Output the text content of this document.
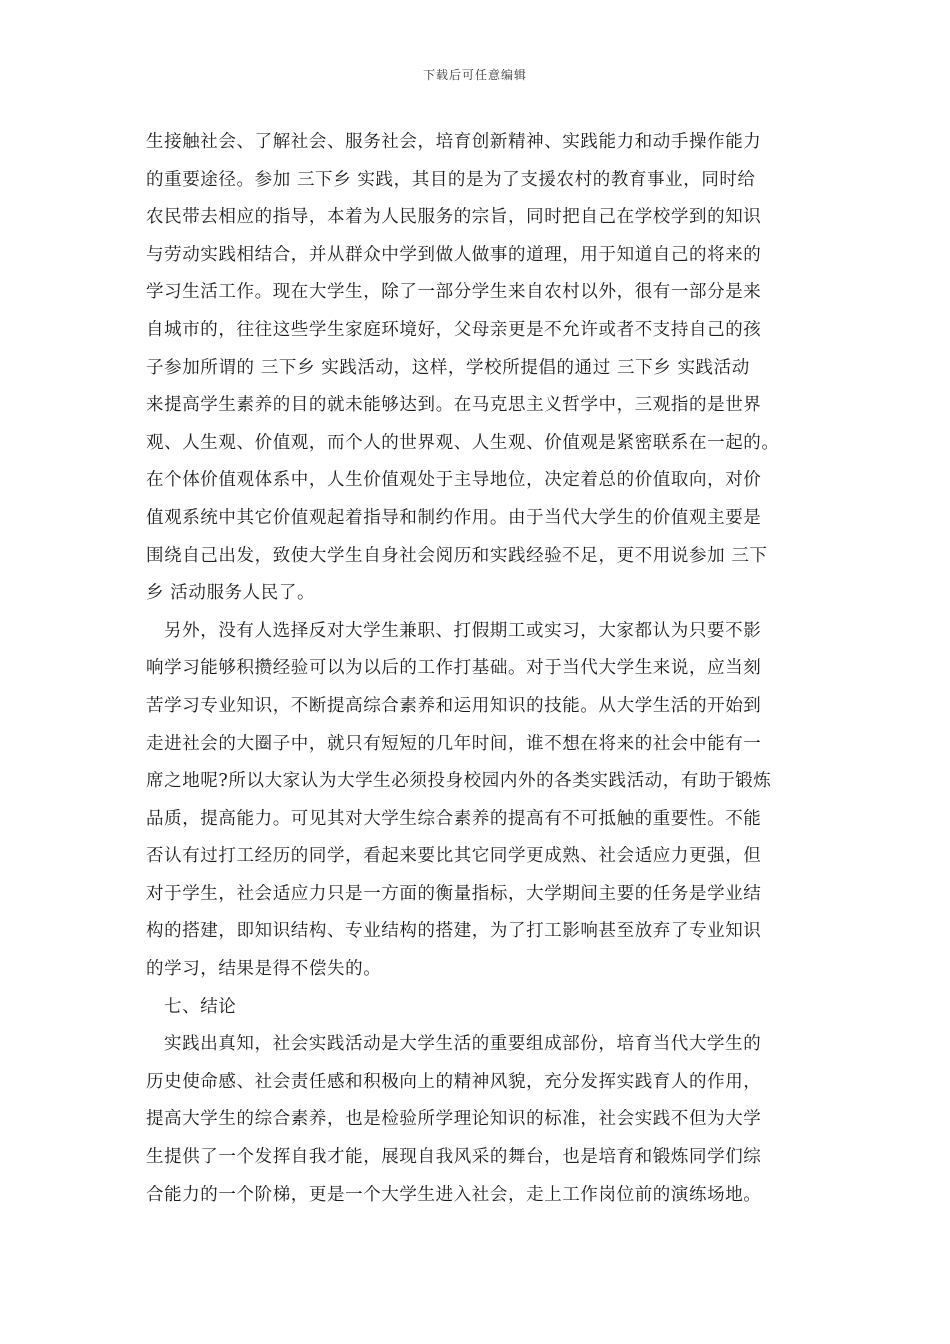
下载后可任意编辑
生接触社会、了解社会、服务社会，培育创新精神、实践能力和动手操作能力
的重要途径。参加 三下乡 实践，其目的是为了支援农村的教育事业，同时给
农民带去相应的指导，本着为人民服务的宗旨，同时把自己在学校学到的知识
与劳动实践相结合，并从群众中学到做人做事的道理，用于知道自己的将来的
学习生活工作。现在大学生，除了一部分学生来自农村以外，很有一部分是来
自城市的，往往这些学生家庭环境好，父母亲更是不允许或者不支持自己的孩
子参加所谓的 三下乡 实践活动，这样，学校所提倡的通过 三下乡 实践活动
来提高学生素养的目的就未能够达到。在马克思主义哲学中，三观指的是世界
观、人生观、价值观，而个人的世界观、人生观、价值观是紧密联系在一起的。
在个体价值观体系中，人生价值观处于主导地位，决定着总的价值取向，对价
值观系统中其它价值观起着指导和制约作用。由于当代大学生的价值观主要是
围绕自己出发，致使大学生自身社会阅历和实践经验不足，更不用说参加 三下
乡 活动服务人民了。
另外，没有人选择反对大学生兼职、打假期工或实习，大家都认为只要不影
响学习能够积攒经验可以为以后的工作打基础。对于当代大学生来说，应当刻
苦学习专业知识，不断提高综合素养和运用知识的技能。从大学生活的开始到
走进社会的大圈子中，就只有短短的几年时间，谁不想在将来的社会中能有一
席之地呢?所以大家认为大学生必须投身校园内外的各类实践活动，有助于锻炼
品质，提高能力。可见其对大学生综合素养的提高有不可抵触的重要性。不能
否认有过打工经历的同学，看起来要比其它同学更成熟、社会适应力更强，但
对于学生，社会适应力只是一方面的衡量指标，大学期间主要的任务是学业结
构的搭建，即知识结构、专业结构的搭建，为了打工影响甚至放弃了专业知识
的学习，结果是得不偿失的。
七、结论
实践出真知，社会实践活动是大学生活的重要组成部份，培育当代大学生的
历史使命感、社会责任感和积极向上的精神风貌，充分发挥实践育人的作用，
提高大学生的综合素养，也是检验所学理论知识的标准，社会实践不但为大学
生提供了一个发挥自我才能，展现自我风采的舞台，也是培育和锻炼同学们综
合能力的一个阶梯，更是一个大学生进入社会，走上工作岗位前的演练场地。
